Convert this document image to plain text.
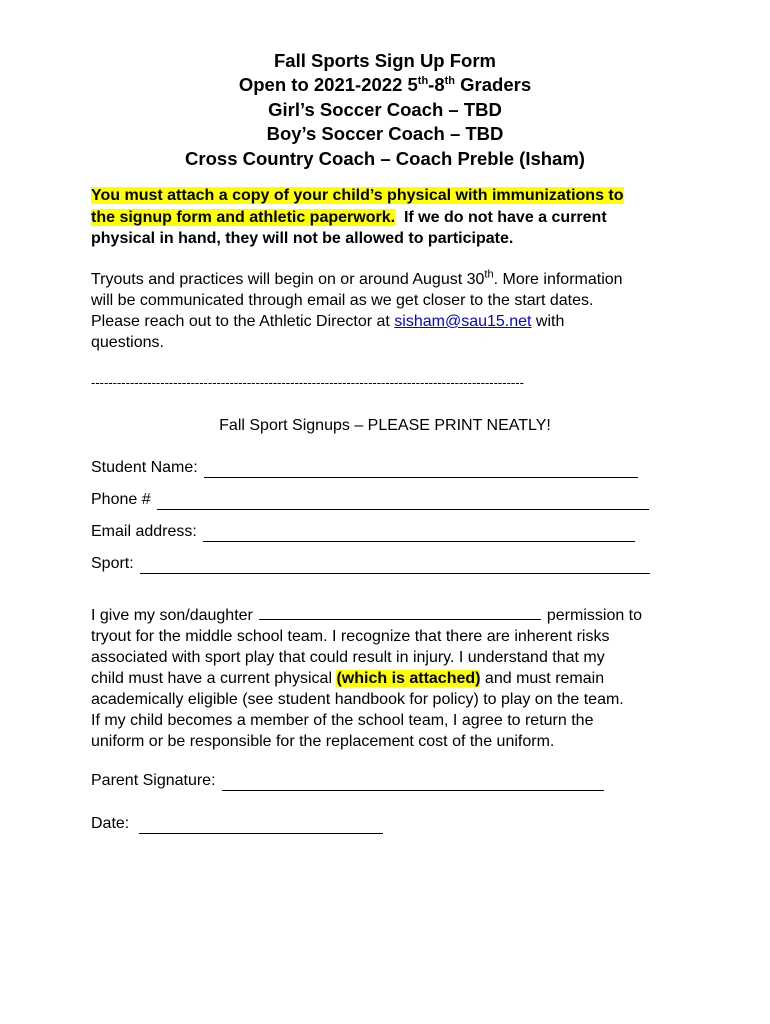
Fall Sports Sign Up Form
Open to 2021-2022 5th-8th Graders
Girl’s Soccer Coach – TBD
Boy’s Soccer Coach – TBD
Cross Country Coach – Coach Preble (Isham)
You must attach a copy of your child’s physical with immunizations to
the signup form and athletic paperwork.  If we do not have a current
physical in hand, they will not be allowed to participate.
Tryouts and practices will begin on or around August 30th. More information
will be communicated through email as we get closer to the start dates.
Please reach out to the Athletic Director at sisham@sau15.net with
questions.
----------------------------------------------------------------------------------------------------
Fall Sport Signups – PLEASE PRINT NEATLY!
Student Name:
Phone #
Email address:
Sport:
I give my son/daughter	permission to
tryout for the middle school team. I recognize that there are inherent risks
associated with sport play that could result in injury. I understand that my
child must have a current physical (which is attached) and must remain
academically eligible (see student handbook for policy) to play on the team.
If my child becomes a member of the school team, I agree to return the
uniform or be responsible for the replacement cost of the uniform.
Parent Signature:
Date:
